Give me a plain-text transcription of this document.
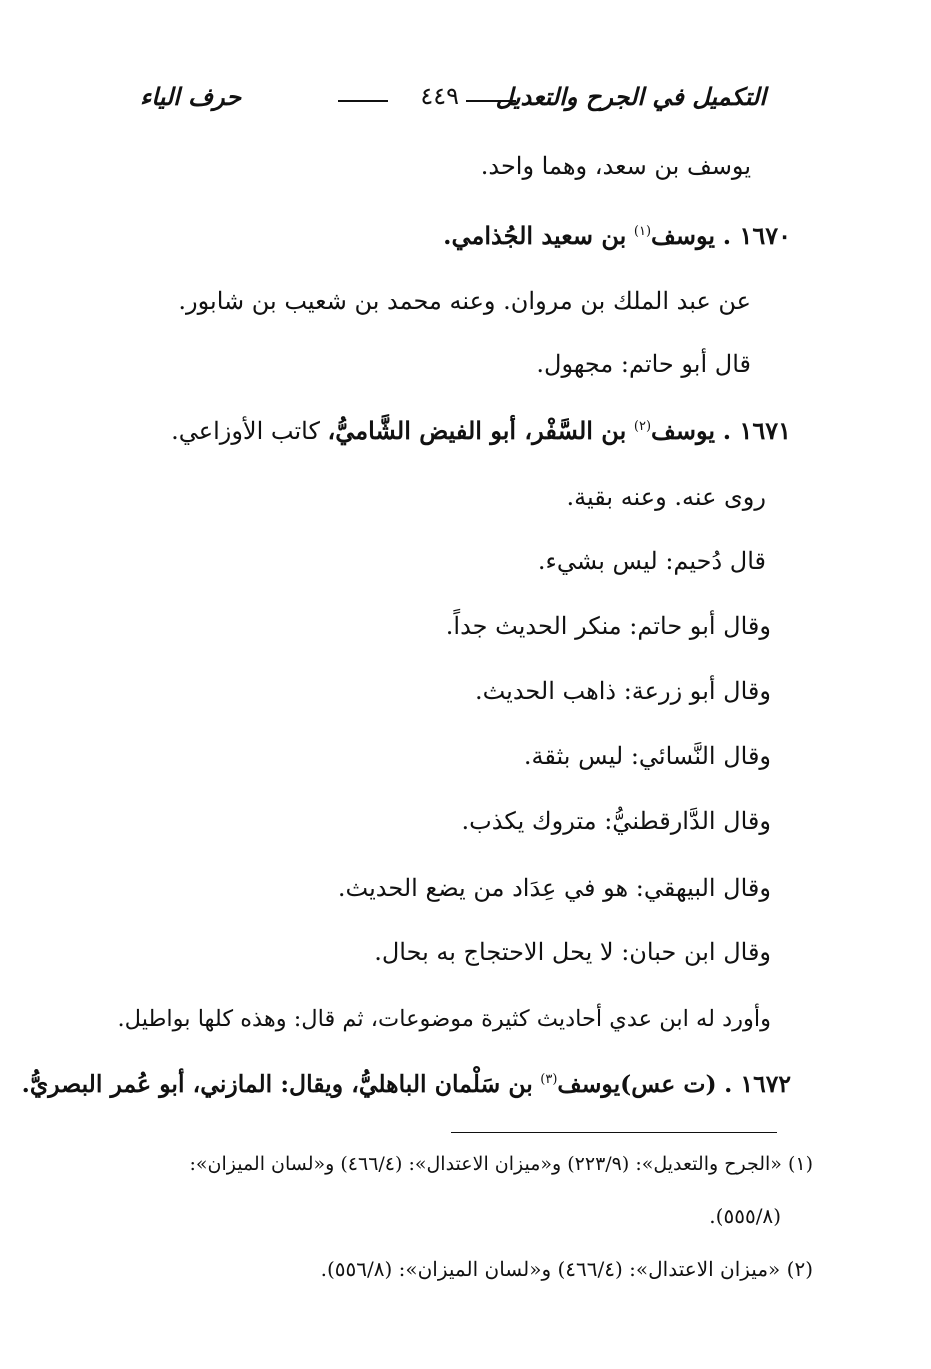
التكميل في الجرح والتعديل
٤٤٩
حرف الياء
يوسف بن سعد، وهما واحد.
١٦٧٠ . يوسف$^{(١)}$ بن سعيد الجُذامي.
عن عبد الملك بن مروان. وعنه محمد بن شعيب بن شابور.
قال أبو حاتم: مجهول.
١٦٧١ . يوسف$^{(٢)}$ بن السَّفْر، أبو الفيض الشَّاميُّ، كاتب الأوزاعي.
روى عنه. وعنه بقية.
قال دُحيم: ليس بشيء.
وقال أبو حاتم: منكر الحديث جداً.
وقال أبو زرعة: ذاهب الحديث.
وقال النَّسائي: ليس بثقة.
وقال الدَّارقطنيُّ: متروك يكذب.
وقال البيهقي: هو في عِدَاد من يضع الحديث.
وقال ابن حبان: لا يحل الاحتجاج به بحال.
وأورد له ابن عدي أحاديث كثيرة موضوعات، ثم قال: وهذه كلها بواطيل.
١٦٧٢ . (ت عس)يوسف$^{(٣)}$ بن سَلْمان الباهليُّ، ويقال: المازني، أبو عُمر البصريُّ.
(١) «الجرح والتعديل»: (٢٢٣/٩) و«ميزان الاعتدال»: (٤٦٦/٤) و«لسان الميزان»:
(٥٥٥/٨).
(٢) «ميزان الاعتدال»: (٤٦٦/٤) و«لسان الميزان»: (٥٥٦/٨).
